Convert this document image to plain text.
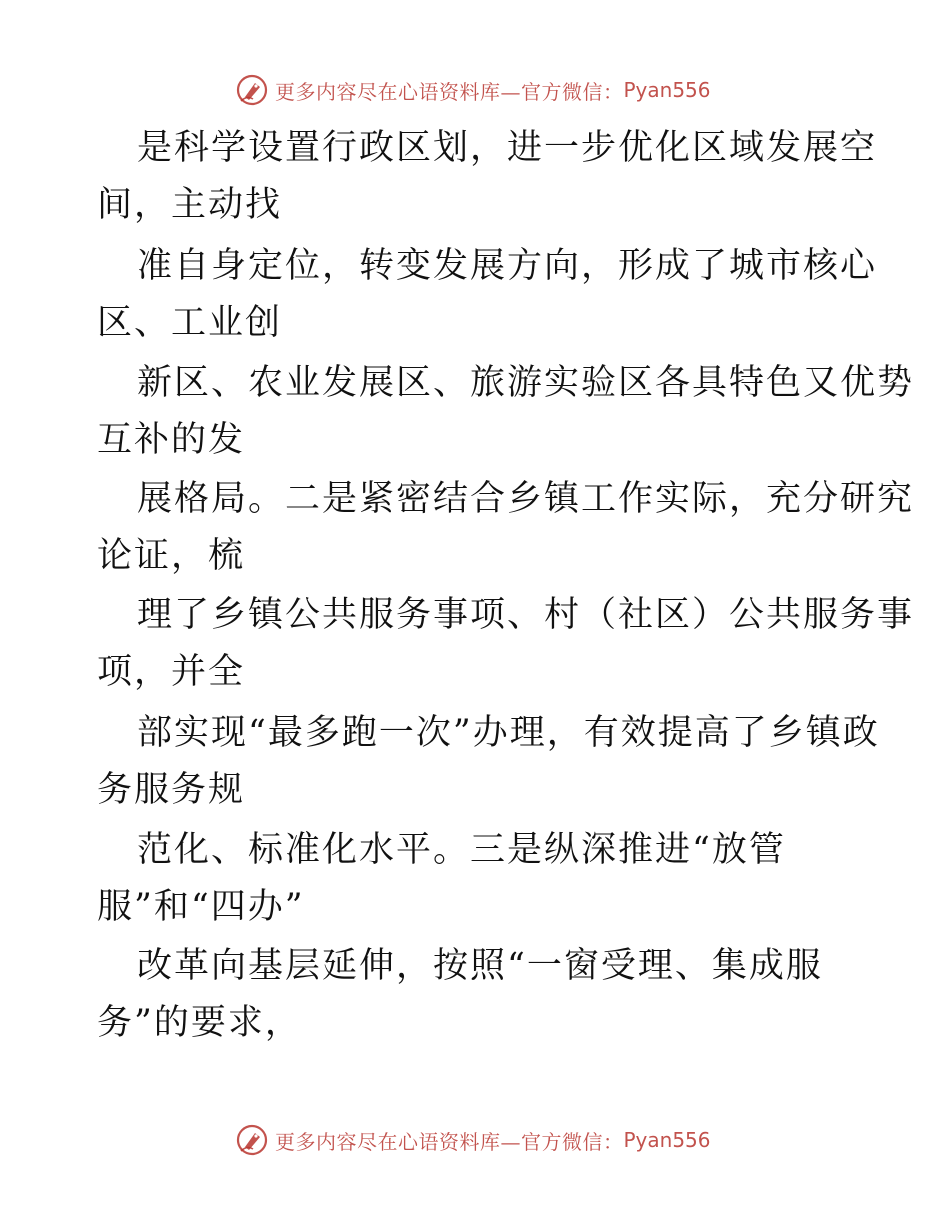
更多内容尽在心语资料库—官方微信： Pyan556
是科学设置行政区划，进一步优化区域发展空
间，主动找
准自身定位，转变发展方向，形成了城市核心
区、工业创
新区、农业发展区、旅游实验区各具特色又优势
互补的发
展格局。二是紧密结合乡镇工作实际，充分研究
论证，梳
理了乡镇公共服务事项、村（社区）公共服务事
项，并全
部实现“最多跑一次”办理，有效提高了乡镇政
务服务规
范化、标准化水平。三是纵深推进“放管
服”和“四办”
改革向基层延伸，按照“一窗受理、集成服
务”的要求，
更多内容尽在心语资料库—官方微信： Pyan556
